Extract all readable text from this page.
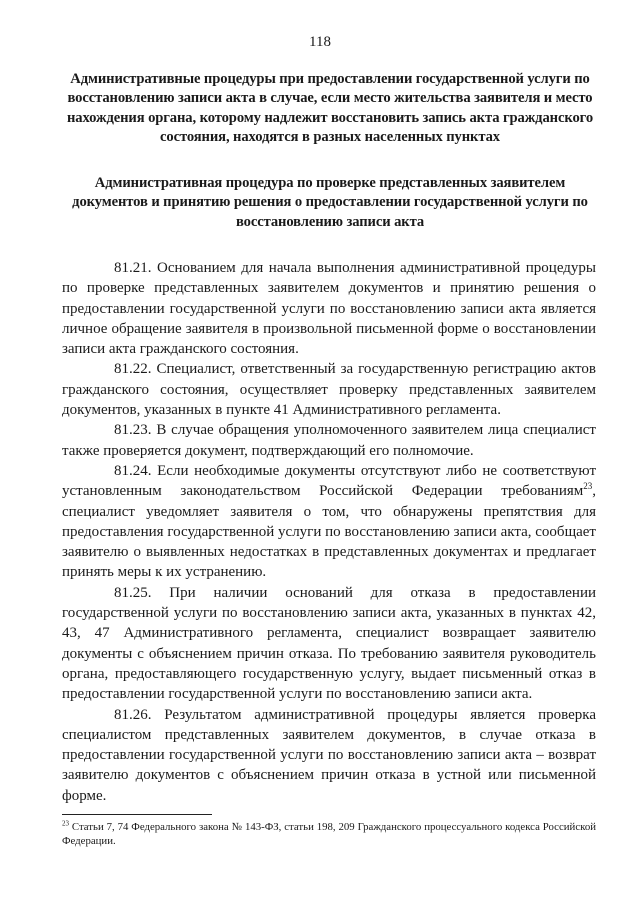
118
Административные процедуры при предоставлении государственной услуги по восстановлению записи акта в случае, если место жительства заявителя и место нахождения органа, которому надлежит восстановить запись акта гражданского состояния, находятся в разных населенных пунктах
Административная процедура по проверке представленных заявителем документов и принятию решения о предоставлении государственной услуги по восстановлению записи акта

81.21. Основанием для начала выполнения административной процедуры по проверке представленных заявителем документов и принятию решения о предоставлении государственной услуги по восстановлению записи акта является личное обращение заявителя в произвольной письменной форме о восстановлении записи акта гражданского состояния.

81.22. Специалист, ответственный за государственную регистрацию актов гражданского состояния, осуществляет проверку представленных заявителем документов, указанных в пункте 41 Административного регламента.

81.23. В случае обращения уполномоченного заявителем лица специалист также проверяется документ, подтверждающий его полномочие.

81.24. Если необходимые документы отсутствуют либо не соответствуют установленным законодательством Российской Федерации требованиям$^{23}$, специалист уведомляет заявителя о том, что обнаружены препятствия для предоставления государственной услуги по восстановлению записи акта, сообщает заявителю о выявленных недостатках в представленных документах и предлагает принять меры к их устранению.

81.25. При наличии оснований для отказа в предоставлении государственной услуги по восстановлению записи акта, указанных в пунктах 42, 43, 47 Административного регламента, специалист возвращает заявителю документы с объяснением причин отказа. По требованию заявителя руководитель органа, предоставляющего государственную услугу, выдает письменный отказ в предоставлении государственной услуги по восстановлению записи акта.

81.26. Результатом административной процедуры является проверка специалистом представленных заявителем документов, в случае отказа в предоставлении государственной услуги по восстановлению записи акта – возврат заявителю документов с объяснением причин отказа в устной или письменной форме.

$^{23}$ Статьи 7, 74 Федерального закона № 143-ФЗ, статьи 198, 209 Гражданского процессуального кодекса Российской Федерации.
